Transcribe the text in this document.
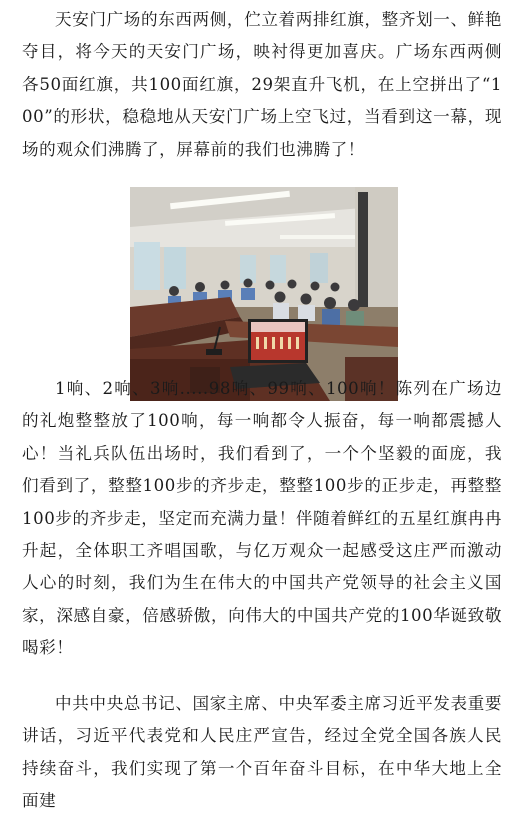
天安门广场的东西两侧，伫立着两排红旗，整齐划一、鲜艳夺目，将今天的天安门广场，映衬得更加喜庆。广场东西两侧各50面红旗，共100面红旗，29架直升飞机，在上空拼出了“100”的形状，稳稳地从天安门广场上空飞过，当看到这一幕，现场的观众们沸腾了，屏幕前的我们也沸腾了！

1响、2响、3响.....98响、99响、100响！陈列在广场边的礼炮整整放了100响，每一响都令人振奋，每一响都震撼人心！当礼兵队伍出场时，我们看到了，一个个坚毅的面庞，我们看到了，整整100步的齐步走，整整100步的正步走，再整整100步的齐步走，坚定而充满力量！伴随着鲜红的五星红旗冉冉升起，全体职工齐唱国歌，与亿万观众一起感受这庄严而激动人心的时刻，我们为生在伟大的中国共产党领导的社会主义国家，深感自豪，倍感骄傲，向伟大的中国共产党的100华诞致敬喝彩！

中共中央总书记、国家主席、中央军委主席习近平发表重要讲话，习近平代表党和人民庄严宣告，经过全党全国各族人民持续奋斗，我们实现了第一个百年奋斗目标，在中华大地上全面建
